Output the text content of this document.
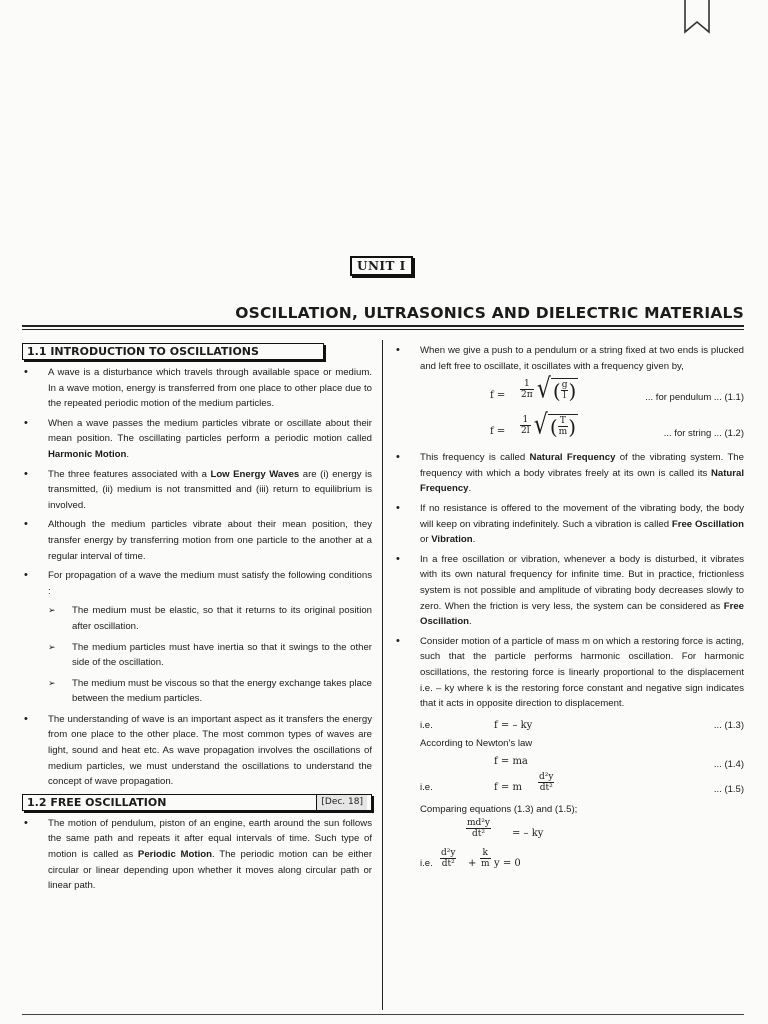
UNIT I
OSCILLATION, ULTRASONICS AND DIELECTRIC MATERIALS
1.1 INTRODUCTION TO OSCILLATIONS
• A wave is a disturbance which travels through available space or medium. In a wave motion, energy is transferred from one place to other place due to the repeated periodic motion of the medium particles.
• When a wave passes the medium particles vibrate or oscillate about their mean position. The oscillating particles perform a periodic motion called Harmonic Motion.
• The three features associated with a Low Energy Waves are (i) energy is transmitted, (ii) medium is not transmitted and (iii) return to equilibrium is involved.
• Although the medium particles vibrate about their mean position, they transfer energy by transferring motion from one particle to the another at a regular interval of time.
• For propagation of a wave the medium must satisfy the following conditions :
➢ The medium must be elastic, so that it returns to its original position after oscillation.
➢ The medium particles must have inertia so that it swings to the other side of the oscillation.
➢ The medium must be viscous so that the energy exchange takes place between the medium particles.
• The understanding of wave is an important aspect as it transfers the energy from one place to the other place. The most common types of waves are light, sound and heat etc. As wave propagation involves the oscillations of medium particles, we must understand the oscillations to understand the concept of wave propagation.
1.2 FREE OSCILLATION	[Dec. 18]
• The motion of pendulum, piston of an engine, earth around the sun follows the same path and repeats it after equal intervals of time. Such type of motion is called as Periodic Motion. The periodic motion can be either circular or linear depending upon whether it moves along circular path or linear path.
• When we give a push to a pendulum or a string fixed at two ends is plucked and left free to oscillate, it oscillates with a frequency given by,
$f = \frac{1}{2\pi}$ √ ( $\frac{g}{l}$ )	... for pendulum ... (1.1)
$f = \frac{1}{2l}$ √ ( $\frac{T}{m}$ )	... for string ... (1.2)
• This frequency is called Natural Frequency of the vibrating system. The frequency with which a body vibrates freely at its own is called its Natural Frequency.
• If no resistance is offered to the movement of the vibrating body, the body will keep on vibrating indefinitely. Such a vibration is called Free Oscillation or Vibration.
• In a free oscillation or vibration, whenever a body is disturbed, it vibrates with its own natural frequency for infinite time. But in practice, frictionless system is not possible and amplitude of vibrating body decreases slowly to zero. When the friction is very less, the system can be considered as Free Oscillation.
• Consider motion of a particle of mass m on which a restoring force is acting, such that the particle performs harmonic oscillation. For harmonic oscillations, the restoring force is linearly proportional to the displacement i.e. – ky where k is the restoring force constant and negative sign indicates that it acts in opposite direction to displacement.
i.e.	f = – ky	... (1.3)
According to Newton's law
f = ma	... (1.4)
i.e.	f = m $\frac{\text{d²y}}{\text{dt²}}$	... (1.5)
Comparing equations (1.3) and (1.5);
$\frac{\text{md²y}}{\text{dt²}}$ = – ky
i.e. $\frac{\text{d²y}}{\text{dt²}} + \frac{k}{m}$ y = 0
